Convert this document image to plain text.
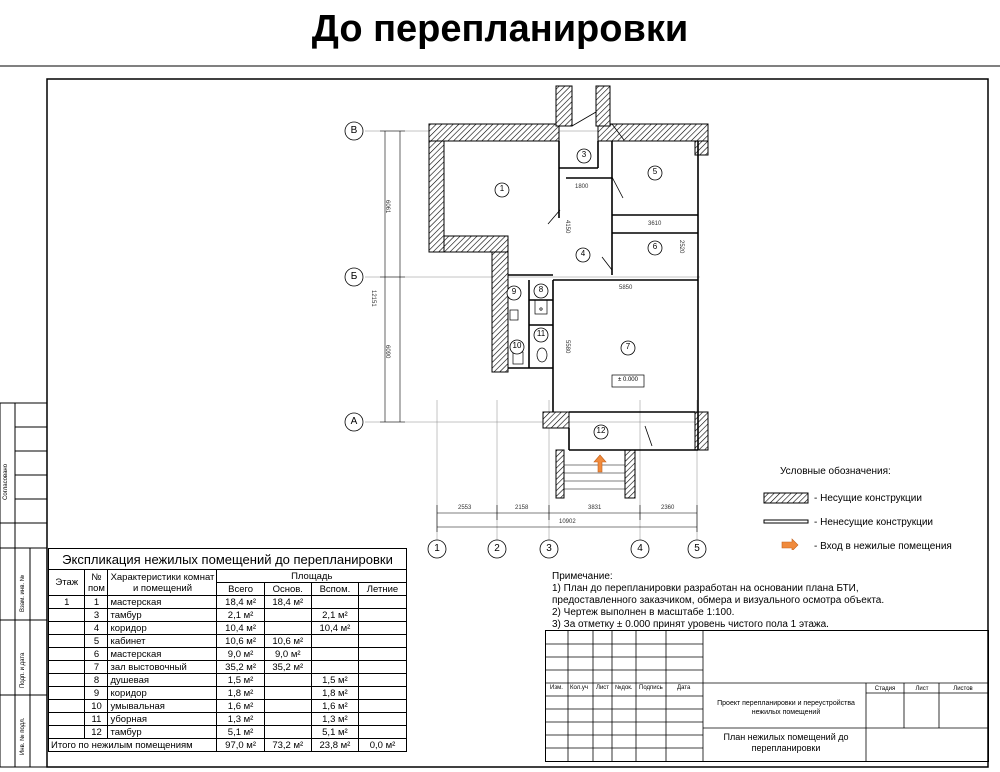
До перепланировки
Согласовано
Взам. инв. №
Подп. и дата
Инв. № подл.
1
3
4
5
6
7
8
9
10
11
12
± 0.000
1800
3610
5850
6061
12151
6090
4150
2520
5580
2553	2158	3831	2360
10902
В
Б
А
1	2	3	4	5
Условные обозначения:
- Несущие конструкции
- Ненесущие конструкции
- Вход в нежилые помещения
Примечание:
1) План до перепланировки разработан на основании плана БТИ,
предоставленного заказчиком, обмера и визуального осмотра объекта.
2) Чертеж выполнен в масштабе 1:100.
3) За отметку ± 0.000 принят уровень чистого пола 1 этажа.
Экспликация нежилых помещений до перепланировки						
Этаж	№ пом	Характеристики комнат и помещений	Площадь			
			Всего	Основ.	Вспом.	Летние
1	1	мастерская	18,4 м²	18,4 м²		
	3	тамбур	2,1 м²		2,1 м²	
	4	коридор	10,4 м²		10,4 м²	
	5	кабинет	10,6 м²	10,6 м²		
	6	мастерская	9,0 м²	9,0 м²		
	7	зал выстовочный	35,2 м²	35,2 м²		
	8	душевая	1,5 м²		1,5 м²	
	9	коридор	1,8 м²		1,8 м²	
	10	умывальная	1,6 м²		1,6 м²	
	11	уборная	1,3 м²		1,3 м²	
	12	тамбур	5,1 м²		5,1 м²	
Итого по нежилым помещениям			97,0 м²	73,2 м²	23,8 м²	0,0 м²
Изм. Кол.уч Лист №док. Подпись Дата
Проект перепланировки и переустройства нежилых помещений
Стадия	Лист	Листов
План нежилых помещений до перепланировки
